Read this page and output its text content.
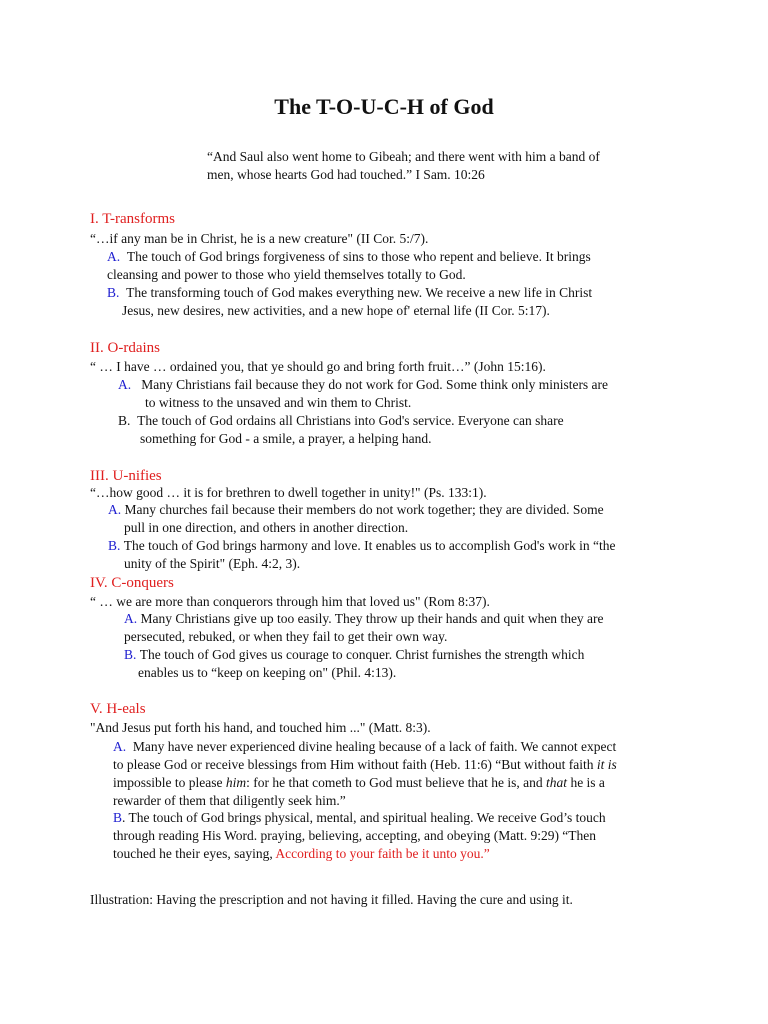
The T-O-U-C-H of God
“And Saul also went home to Gibeah; and there went with him a band of
men, whose hearts God had touched.” I Sam. 10:26
I. T-ransforms
“…if any man be in Christ, he is a new creature" (II Cor. 5:/7).
A. The touch of God brings forgiveness of sins to those who repent and believe. It brings
cleansing and power to those who yield themselves totally to God.
B. The transforming touch of God makes everything new. We receive a new life in Christ
Jesus, new desires, new activities, and a new hope of' eternal life (II Cor. 5:17).
II. O-rdains
“ … I have … ordained you, that ye should go and bring forth fruit…” (John 15:16).
A. Many Christians fail because they do not work for God. Some think only ministers are
to witness to the unsaved and win them to Christ.
B. The touch of God ordains all Christians into God's service. Everyone can share
something for God - a smile, a prayer, a helping hand.
III. U-nifies
“…how good … it is for brethren to dwell together in unity!" (Ps. 133:1).
A. Many churches fail because their members do not work together; they are divided. Some
pull in one direction, and others in another direction.
B. The touch of God brings harmony and love. It enables us to accomplish God's work in “the
unity of the Spirit" (Eph. 4:2, 3).
IV. C-onquers
“ … we are more than conquerors through him that loved us" (Rom 8:37).
A. Many Christians give up too easily. They throw up their hands and quit when they are
persecuted, rebuked, or when they fail to get their own way.
B. The touch of God gives us courage to conquer. Christ furnishes the strength which
enables us to “keep on keeping on" (Phil. 4:13).
V. H-eals
"And Jesus put forth his hand, and touched him ..." (Matt. 8:3).
A. Many have never experienced divine healing because of a lack of faith. We cannot expect
to please God or receive blessings from Him without faith (Heb. 11:6) “But without faith it is
impossible to please him: for he that cometh to God must believe that he is, and that he is a
rewarder of them that diligently seek him.”
B. The touch of God brings physical, mental, and spiritual healing. We receive God’s touch
through reading His Word. praying, believing, accepting, and obeying (Matt. 9:29) “Then
touched he their eyes, saying, According to your faith be it unto you.”
Illustration: Having the prescription and not having it filled. Having the cure and using it.
